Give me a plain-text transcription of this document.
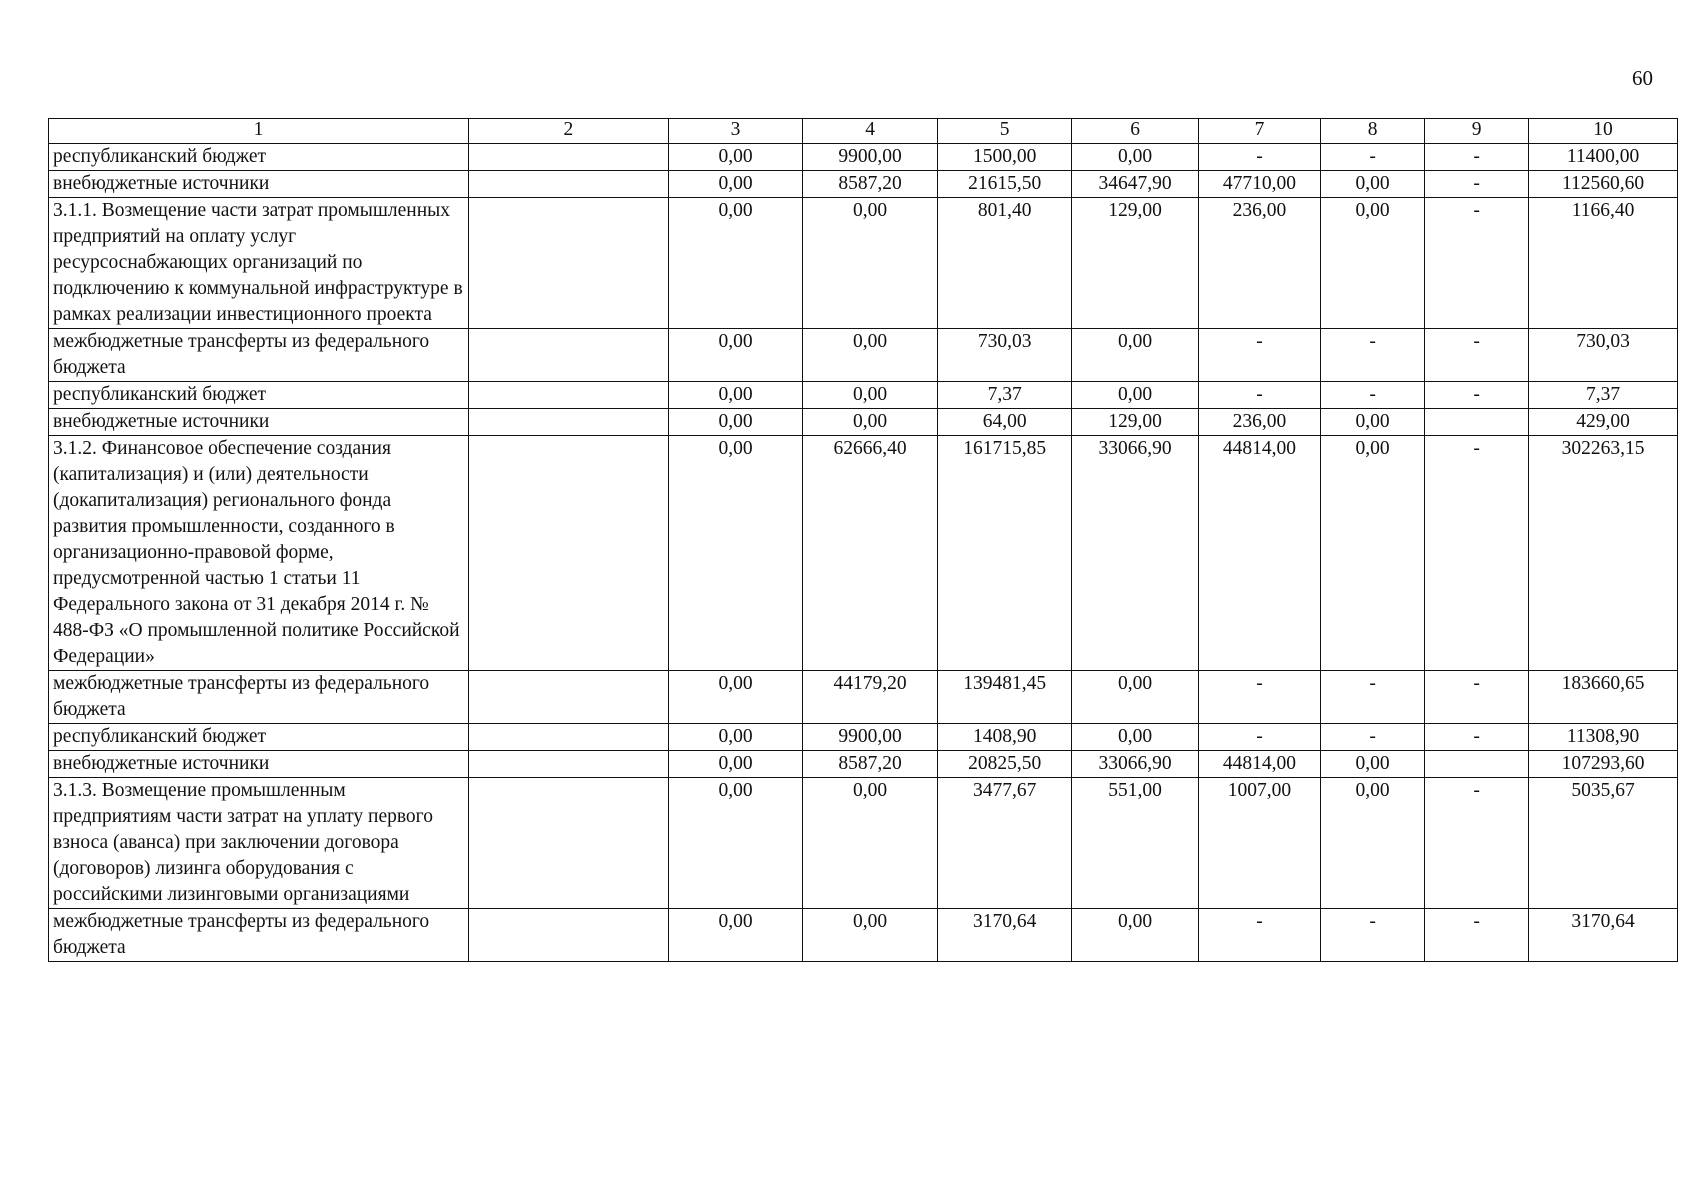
60
1	2	3	4	5	6	7	8	9	10
республиканский бюджет		0,00	9900,00	1500,00	0,00	-	-	-	11400,00
внебюджетные источники		0,00	8587,20	21615,50	34647,90	47710,00	0,00	-	112560,60
3.1.1. Возмещение части затрат промышленных предприятий на оплату услуг ресурсоснабжающих организаций по подключению к коммунальной инфраструктуре в рамках реализации инвестиционного проекта		0,00	0,00	801,40	129,00	236,00	0,00	-	1166,40
межбюджетные трансферты из федерального бюджета		0,00	0,00	730,03	0,00	-	-	-	730,03
республиканский бюджет		0,00	0,00	7,37	0,00	-	-	-	7,37
внебюджетные источники		0,00	0,00	64,00	129,00	236,00	0,00		429,00
3.1.2. Финансовое обеспечение создания (капитализация) и (или) деятельности (докапитализация) регионального фонда развития промышленности, созданного в организационно-правовой форме, предусмотренной частью 1 статьи 11 Федерального закона от 31 декабря 2014 г. № 488-ФЗ «О промышленной политике Российской Федерации»		0,00	62666,40	161715,85	33066,90	44814,00	0,00	-	302263,15
межбюджетные трансферты из федерального бюджета		0,00	44179,20	139481,45	0,00	-	-	-	183660,65
республиканский бюджет		0,00	9900,00	1408,90	0,00	-	-	-	11308,90
внебюджетные источники		0,00	8587,20	20825,50	33066,90	44814,00	0,00		107293,60
3.1.3. Возмещение промышленным предприятиям части затрат на уплату первого взноса (аванса) при заключении договора (договоров) лизинга оборудования с российскими лизинговыми организациями		0,00	0,00	3477,67	551,00	1007,00	0,00	-	5035,67
межбюджетные трансферты из федерального бюджета		0,00	0,00	3170,64	0,00	-	-	-	3170,64
